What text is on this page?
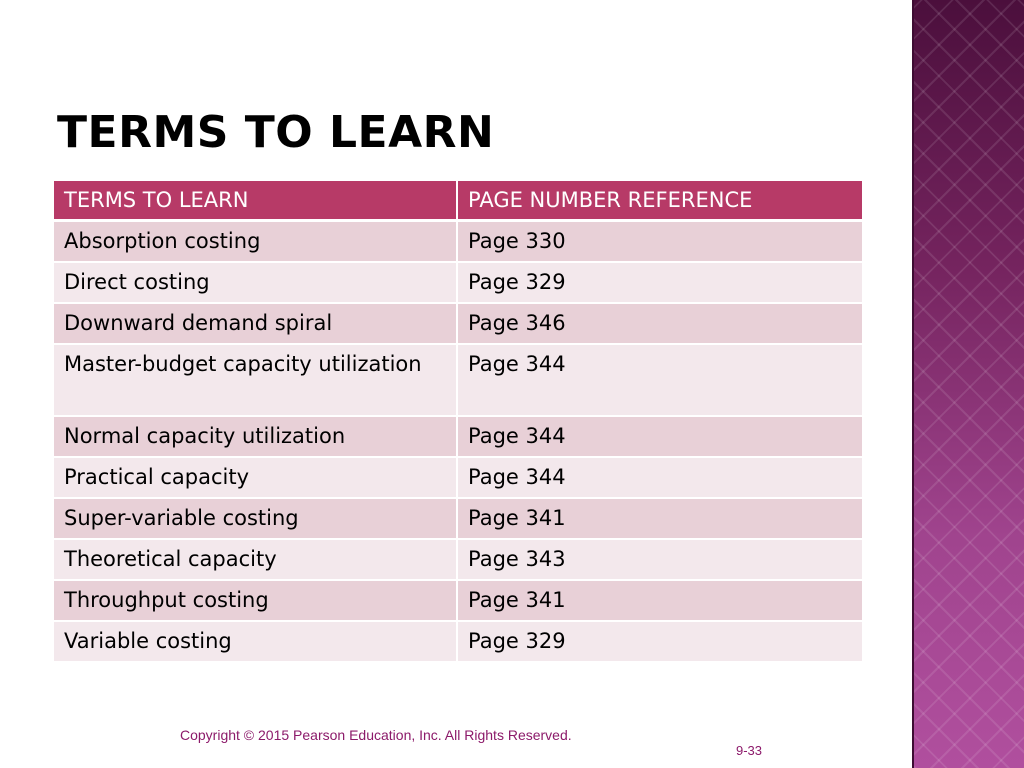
TERMS TO LEARN
TERMS TO LEARN	PAGE NUMBER REFERENCE
Absorption costing	Page 330
Direct costing	Page 329
Downward demand spiral	Page 346
Master-budget capacity utilization	Page 344
Normal capacity utilization	Page 344
Practical capacity	Page 344
Super-variable costing	Page 341
Theoretical capacity	Page 343
Throughput costing	Page 341
Variable costing	Page 329
Copyright © 2015 Pearson Education, Inc. All Rights Reserved.
9-33
